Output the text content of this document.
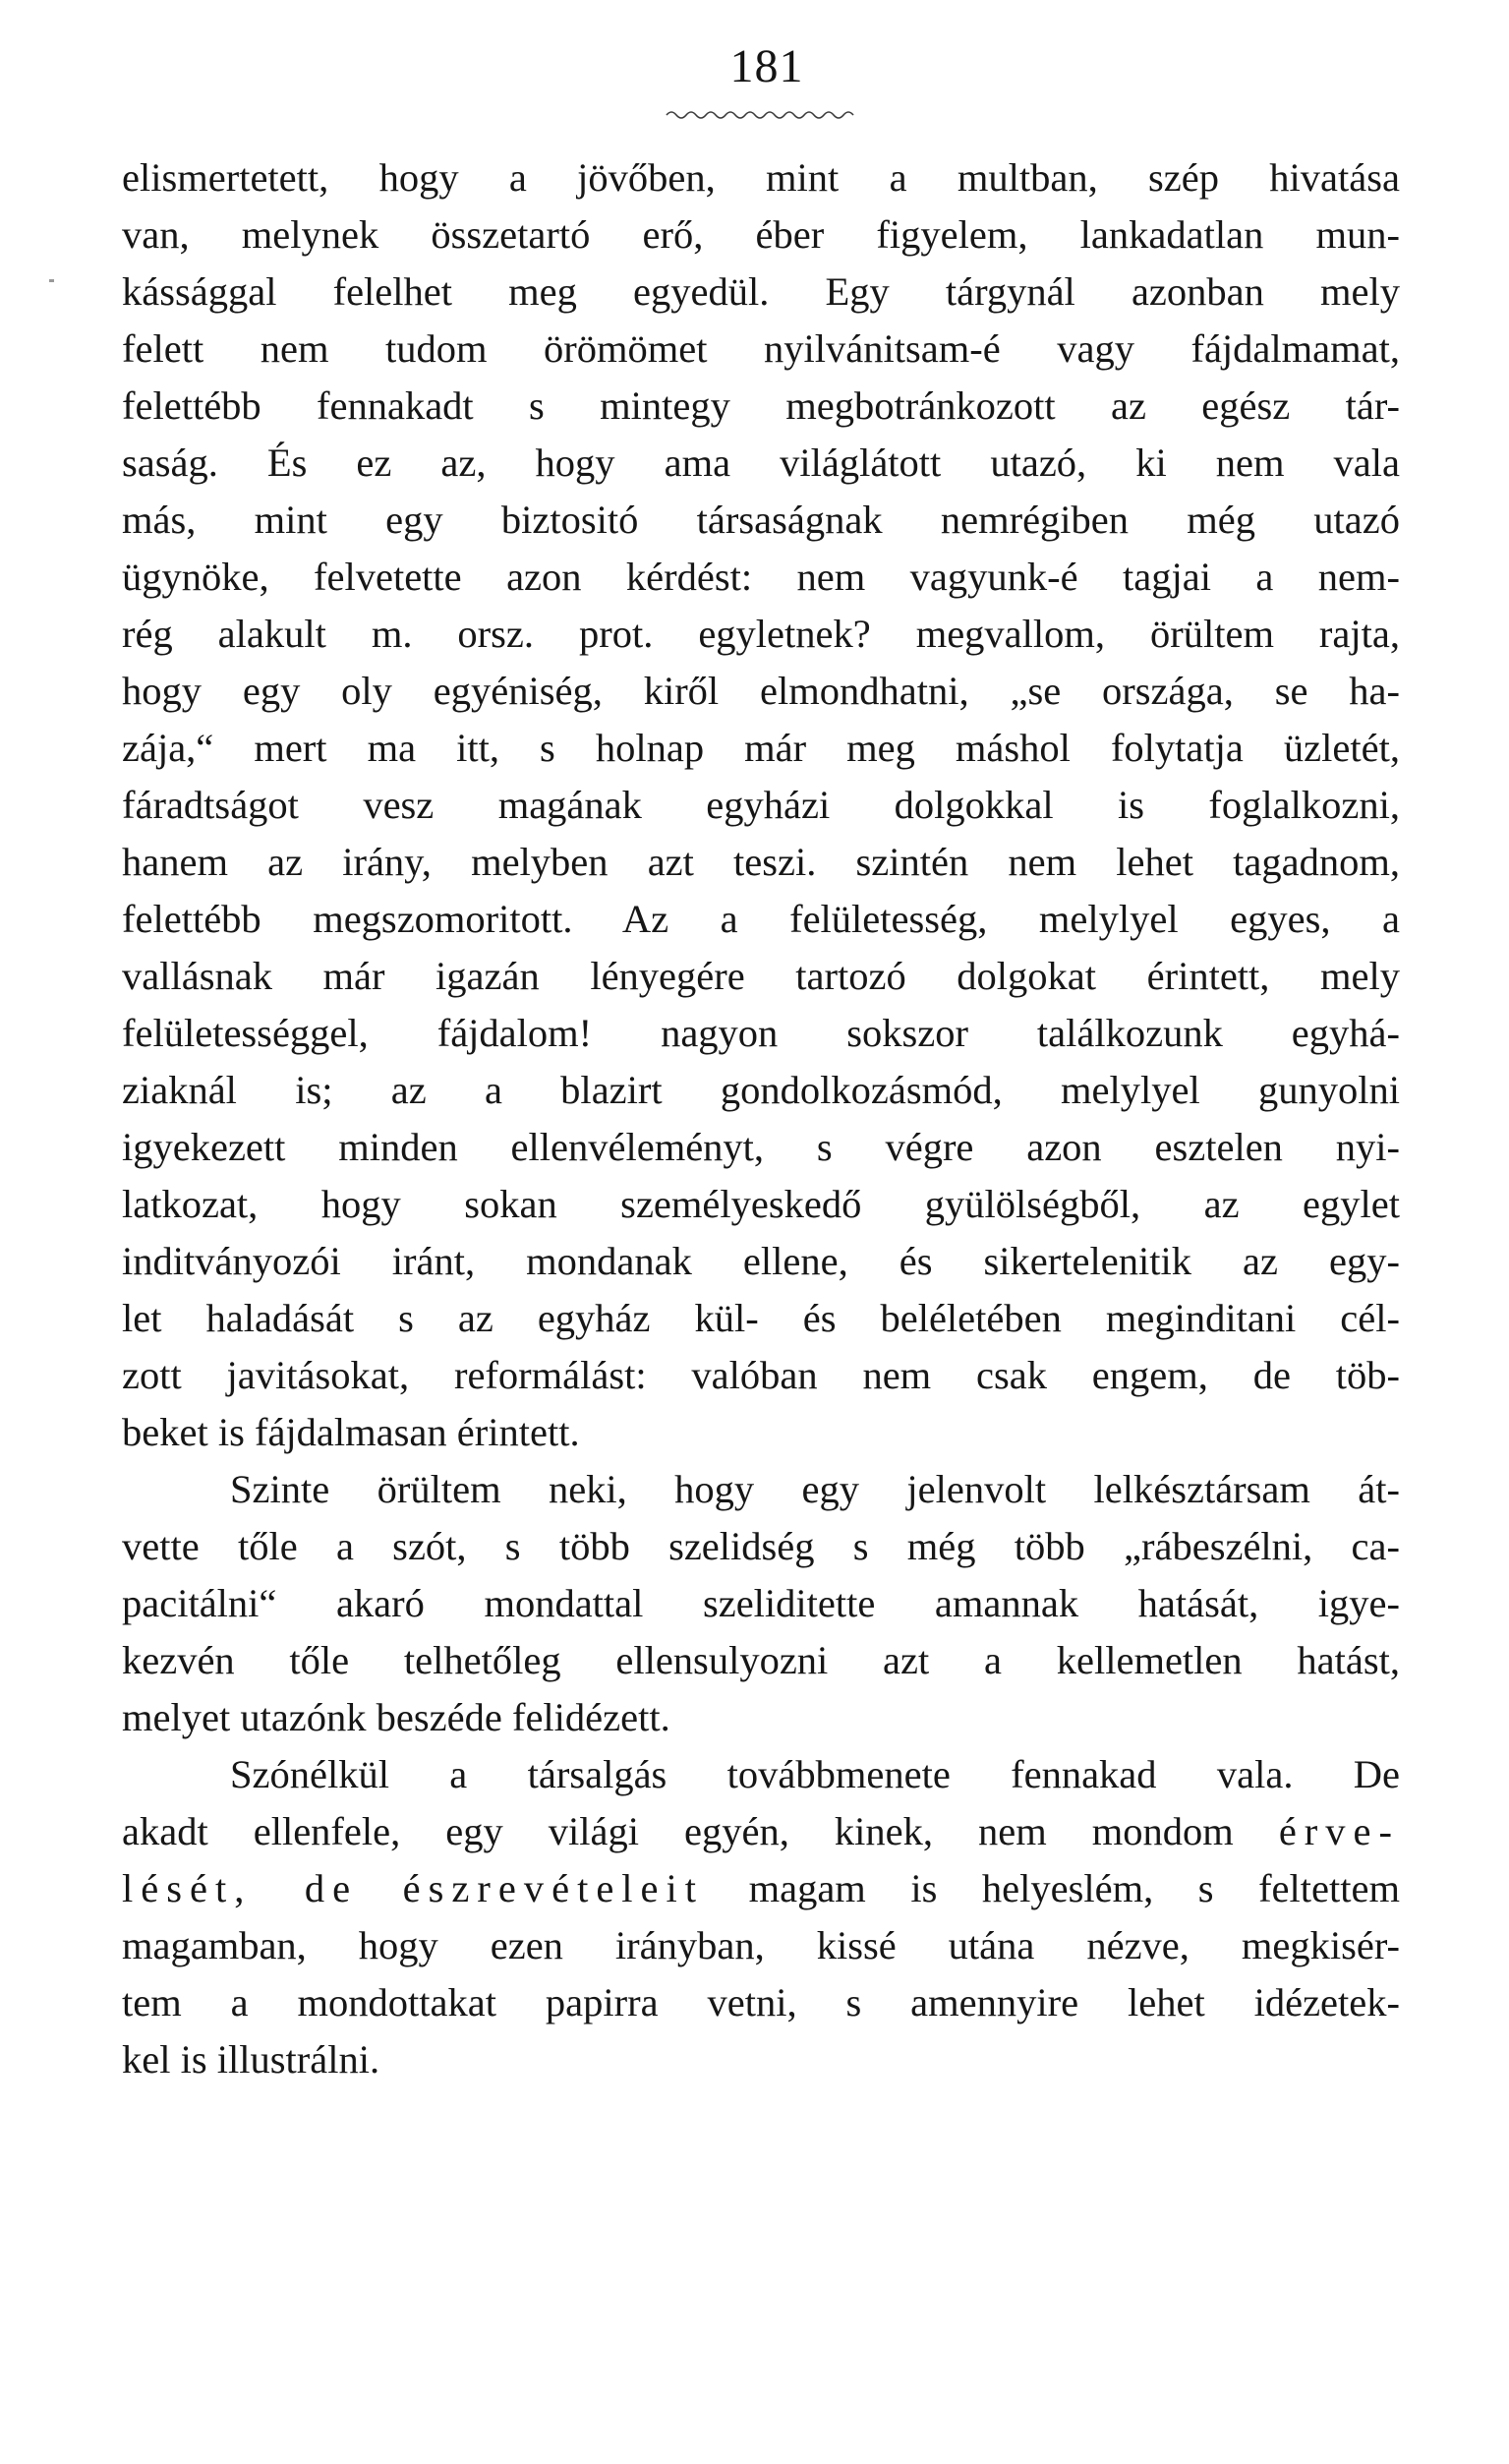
181
elismertetett, hogy a jövőben, mint a multban, szép hivatása
van, melynek összetartó erő, éber figyelem, lankadatlan mun-
kássággal felelhet meg egyedül. Egy tárgynál azonban mely
felett nem tudom örömömet nyilvánitsam-é vagy fájdalmamat,
felettébb fennakadt s mintegy megbotránkozott az egész tár-
saság. És ez az, hogy ama világlátott utazó, ki nem vala
más, mint egy biztositó társaságnak nemrégiben még utazó
ügynöke, felvetette azon kérdést: nem vagyunk-é tagjai a nem-
rég alakult m. orsz. prot. egyletnek? megvallom, örültem rajta,
hogy egy oly egyéniség, kiről elmondhatni, „se országa, se ha-
zája,“ mert ma itt, s holnap már meg máshol folytatja üzletét,
fáradtságot vesz magának egyházi dolgokkal is foglalkozni,
hanem az irány, melyben azt teszi. szintén nem lehet tagadnom,
felettébb megszomoritott. Az a felületesség, melylyel egyes, a
vallásnak már igazán lényegére tartozó dolgokat érintett, mely
felületességgel, fájdalom! nagyon sokszor találkozunk egyhá-
ziaknál is; az a blazirt gondolkozásmód, melylyel gunyolni
igyekezett minden ellenvéleményt, s végre azon esztelen nyi-
latkozat, hogy sokan személyeskedő gyülölségből, az egylet
inditványozói iránt, mondanak ellene, és sikertelenitik az egy-
let haladását s az egyház kül- és beléletében meginditani cél-
zott javitásokat, reformálást: valóban nem csak engem, de töb-
beket is fájdalmasan érintett.
Szinte örültem neki, hogy egy jelenvolt lelkésztársam át-
vette tőle a szót, s több szelidség s még több „rábeszélni, ca-
pacitálni“ akaró mondattal szeliditette amannak hatását, igye-
kezvén tőle telhetőleg ellensulyozni azt a kellemetlen hatást,
melyet utazónk beszéde felidézett.
Szónélkül a társalgás továbbmenete fennakad vala. De
akadt ellenfele, egy világi egyén, kinek, nem mondom érve-
lését, de észrevételeit magam is helyeslém, s feltettem
magamban, hogy ezen irányban, kissé utána nézve, megkisér-
tem a mondottakat papirra vetni, s amennyire lehet idézetek-
kel is illustrálni.
